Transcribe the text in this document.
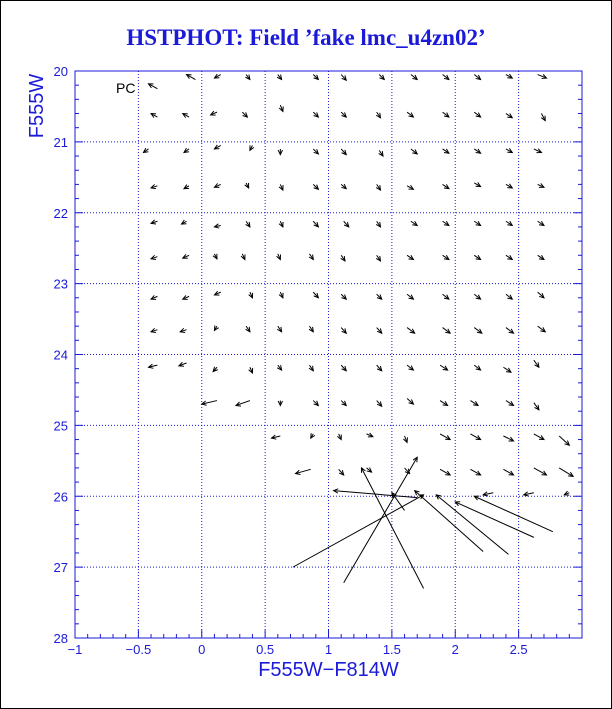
HSTPHOT: Field ’fake lmc_u4zn02’
−1	−0.5	0	0.5	1	1.5	2	2.5
20
21
22
23
24
25
26
27
28
PC
F555W−F814W
F555W
